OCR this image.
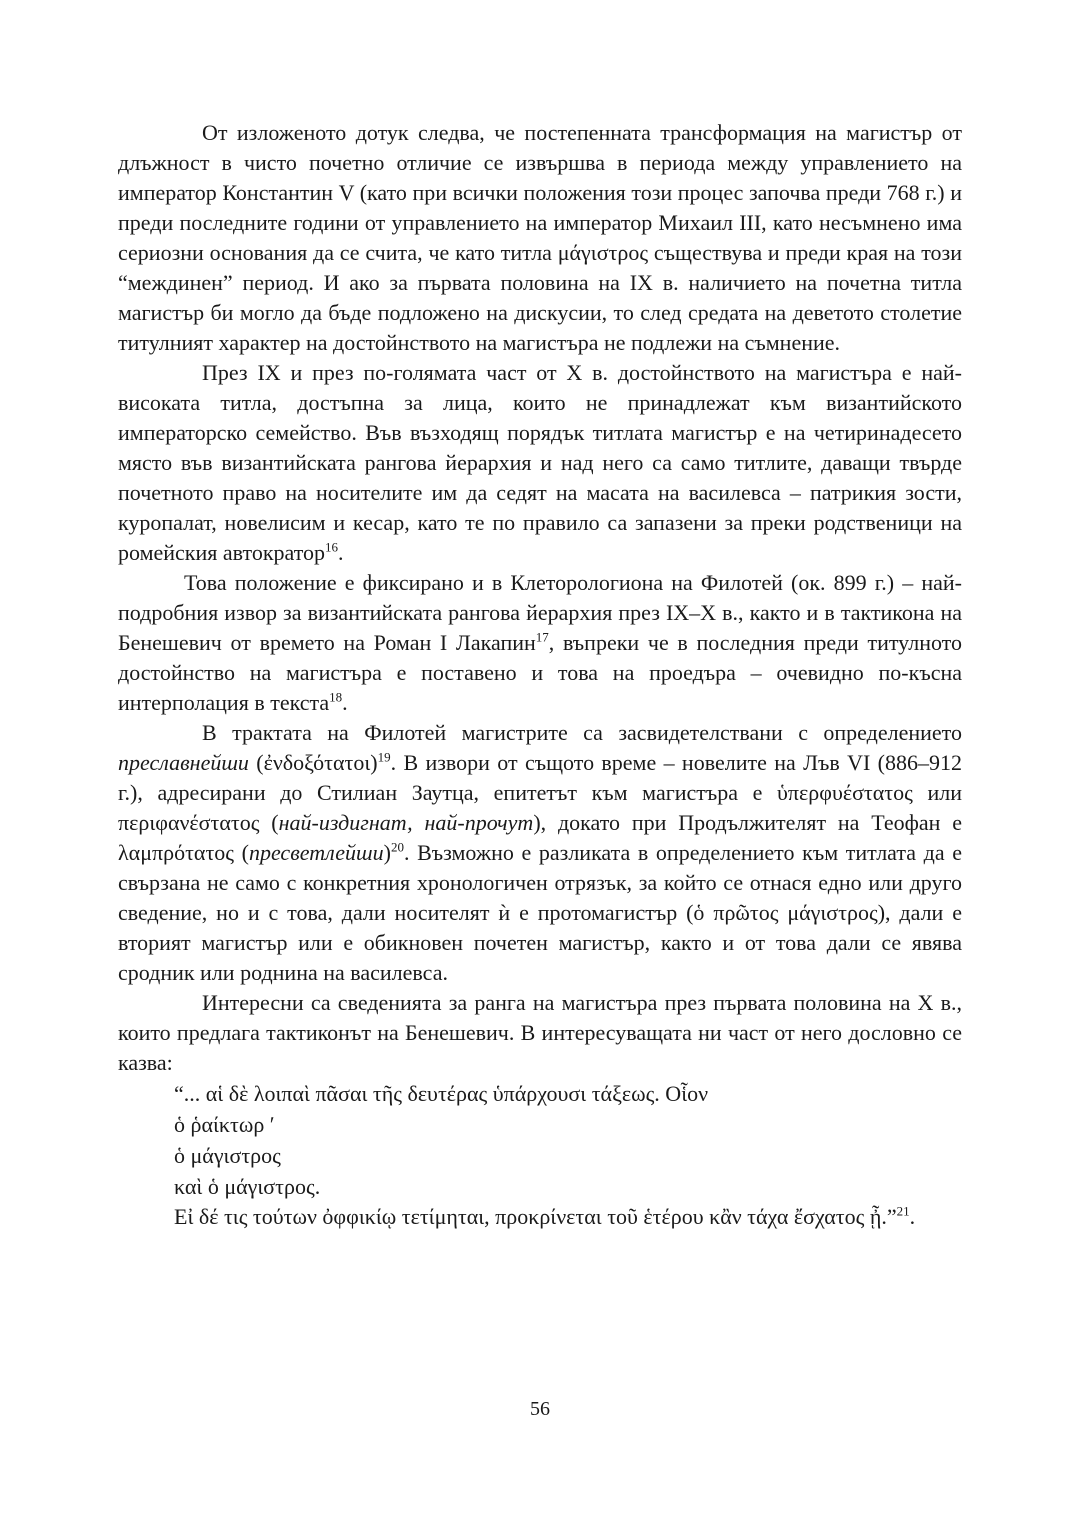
От изложеното дотук следва, че постепенната трансформация на магистър от длъжност в чисто почетно отличие се извършва в периода между управлението на император Константин V (като при всички положения този процес започва преди 768 г.) и преди последните години от управлението на император Михаил III, като несъмнено има сериозни основания да се счита, че като титла μάγιστρος съществува и преди края на този “междинен” период. И ако за първата половина на IX в. наличието на почетна титла магистър би могло да бъде подложено на дискусии, то след средата на деветото столетие титулният характер на достойнството на магистъра не подлежи на съмнение.

През IX и през по-голямата част от X в. достойнството на магистъра е най-високата титла, достъпна за лица, които не принадлежат към византийското императорско семейство. Във възходящ порядък титлата магистър е на четиринадесето място във византийската рангова йерархия и над него са само титлите, даващи твърде почетното право на носителите им да седят на масата на василевса – патрикия зости, куропалат, новелисим и кесар, като те по правило са запазени за преки родственици на ромейския автократор$^{16}$.

Това положение е фиксирано и в Клеторологиона на Филотей (ок. 899 г.) – най-подробния извор за византийската рангова йерархия през IX–X в., както и в тактикона на Бенешевич от времето на Роман I Лакапин$^{17}$, въпреки че в последния преди титулното достойнство на магистъра е поставено и това на проедъра – очевидно по-късна интерполация в текста$^{18}$.

В трактата на Филотей магистрите са засвидетелствани с определението преславнейши (ἐνδοξότατοι)$^{19}$. В извори от същото време – новелите на Лъв VI (886–912 г.), адресирани до Стилиан Заутца, епитетът към магистъра е ὑπερφυέστατος или περιφανέστατος (най-издигнат, най-прочут), докато при Продължителят на Теофан е λαμπρότατος (пресветлейши)$^{20}$. Възможно е разликата в определението към титлата да е свързана не само с конкретния хронологичен отрязък, за който се отнася едно или друго сведение, но и с това, дали носителят ѝ е протомагистър (ὁ πρῶτος μάγιστρος), дали е вторият магистър или е обикновен почетен магистър, както и от това дали се явява сродник или роднина на василевса.

Интересни са сведенията за ранга на магистъра през първата половина на X в., които предлага тактиконът на Бенешевич. В интересуващата ни част от него дословно се казва:

“... αἱ δὲ λοιπαὶ πᾶσαι τῆς δευτέρας ὑπάρχουσι τάξεως. Οἷον

ὁ ῥαίκτωρ ʹ

ὁ μάγιστρος

καὶ ὁ μάγιστρος.

Εἰ δέ τις τούτων ὀφφικίῳ τετίμηται, προκρίνεται τοῦ ἑτέρου κἂν τάχα ἔσχατος ᾖ.”$^{21}$.

56
